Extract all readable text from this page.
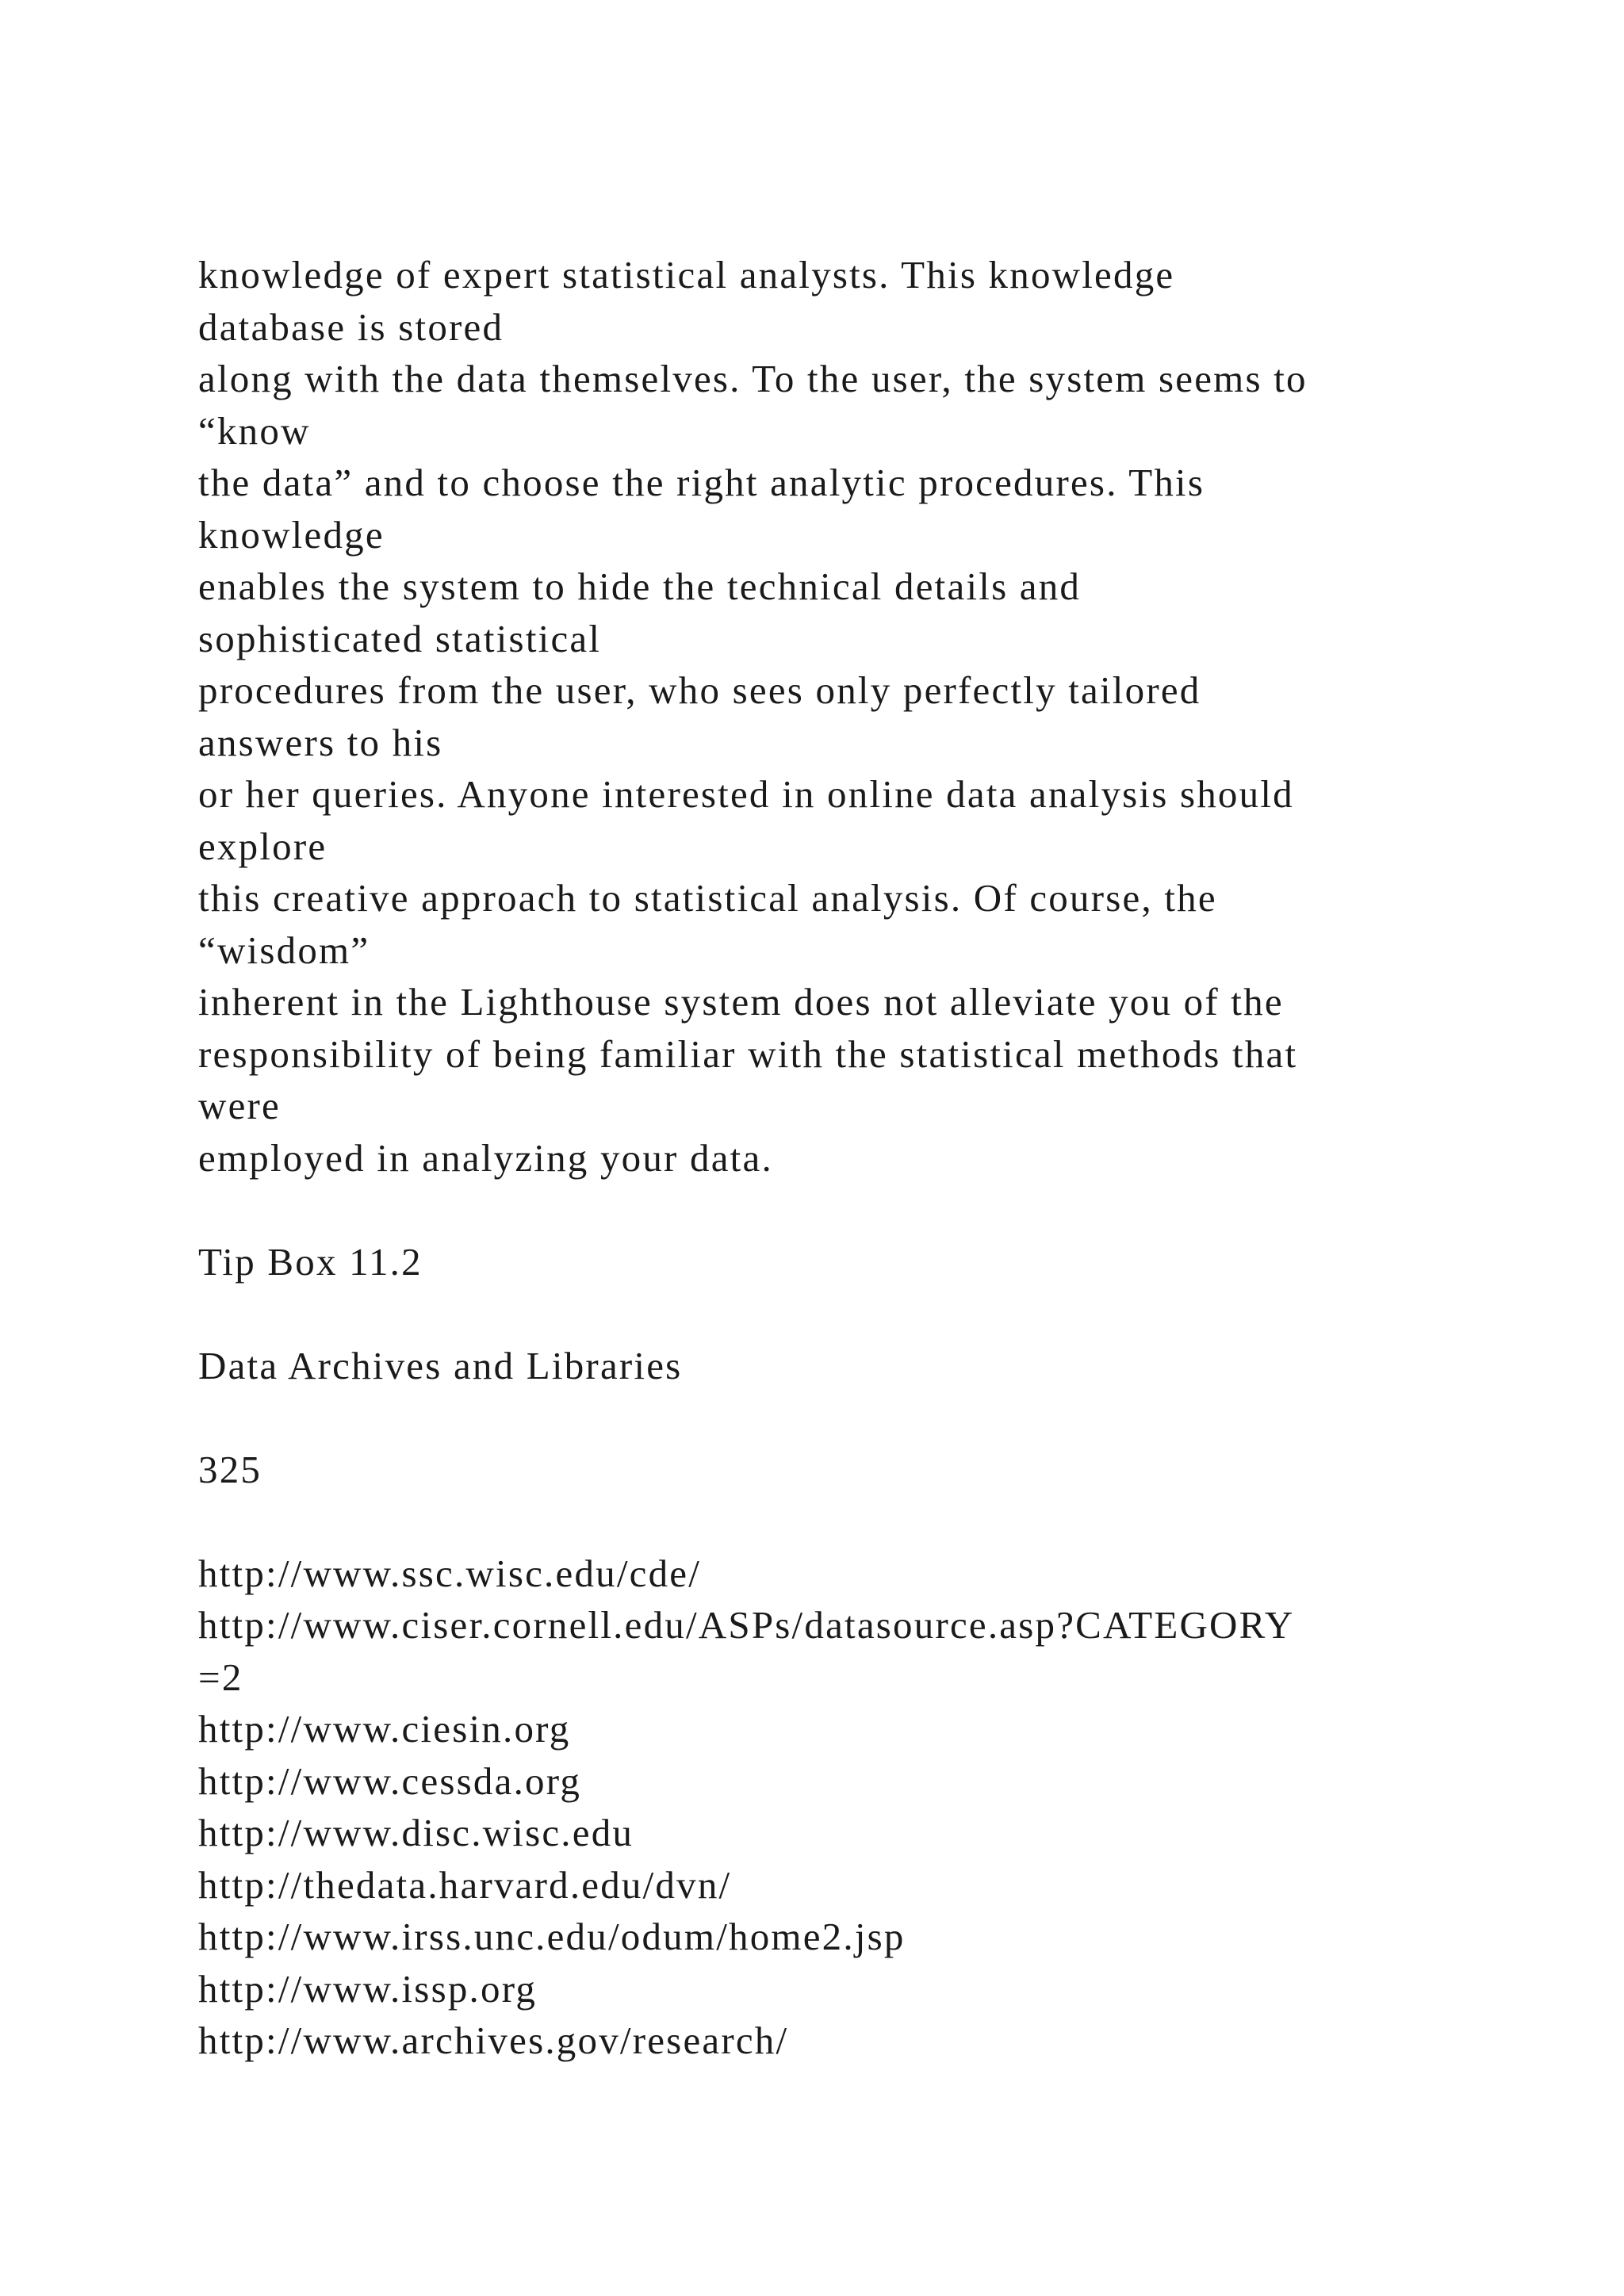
knowledge of expert statistical analysts. This knowledge
database is stored
along with the data themselves. To the user, the system seems to
“know
the data” and to choose the right analytic procedures. This
knowledge
enables the system to hide the technical details and
sophisticated statistical
procedures from the user, who sees only perfectly tailored
answers to his
or her queries. Anyone interested in online data analysis should
explore
this creative approach to statistical analysis. Of course, the
“wisdom”
inherent in the Lighthouse system does not alleviate you of the
responsibility of being familiar with the statistical methods that
were
employed in analyzing your data.
Tip Box 11.2
Data Archives and Libraries
325
http://www.ssc.wisc.edu/cde/
http://www.ciser.cornell.edu/ASPs/datasource.asp?CATEGORY
=2
http://www.ciesin.org
http://www.cessda.org
http://www.disc.wisc.edu
http://thedata.harvard.edu/dvn/
http://www.irss.unc.edu/odum/home2.jsp
http://www.issp.org
http://www.archives.gov/research/
